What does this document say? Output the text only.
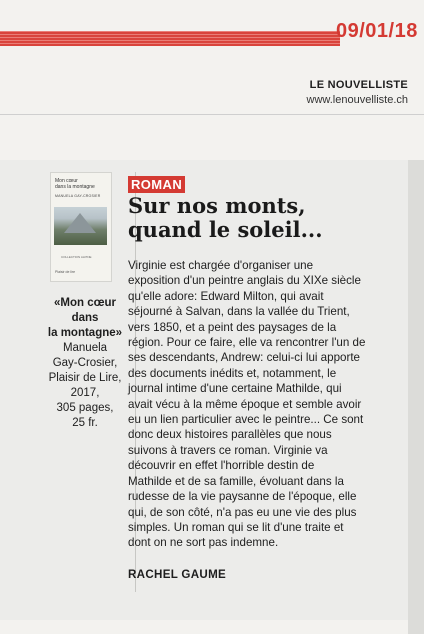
09/01/18
LE NOUVELLISTE
www.lenouvelliste.ch
Mon cœur
dans la montagne
MANUELA GAY-CROSIER
COLLECTION ALPINE
Plaisir de lire
«Mon cœur
dans
la montagne»
Manuela
Gay-Crosier,
Plaisir de Lire,
2017,
305 pages,
25 fr.
ROMAN
Sur nos monts,
quand le soleil...
Virginie est chargée d'organiser une
exposition d'un peintre anglais du XIXe siècle
qu'elle adore: Edward Milton, qui avait
séjourné à Salvan, dans la vallée du Trient,
vers 1850, et a peint des paysages de la
région. Pour ce faire, elle va rencontrer l'un de
ses descendants, Andrew: celui-ci lui apporte
des documents inédits et, notamment, le
journal intime d'une certaine Mathilde, qui
avait vécu à la même époque et semble avoir
eu un lien particulier avec le peintre... Ce sont
donc deux histoires parallèles que nous
suivons à travers ce roman. Virginie va
découvrir en effet l'horrible destin de
Mathilde et de sa famille, évoluant dans la
rudesse de la vie paysanne de l'époque, elle
qui, de son côté, n'a pas eu une vie des plus
simples. Un roman qui se lit d'une traite et
dont on ne sort pas indemne.
RACHEL GAUME
